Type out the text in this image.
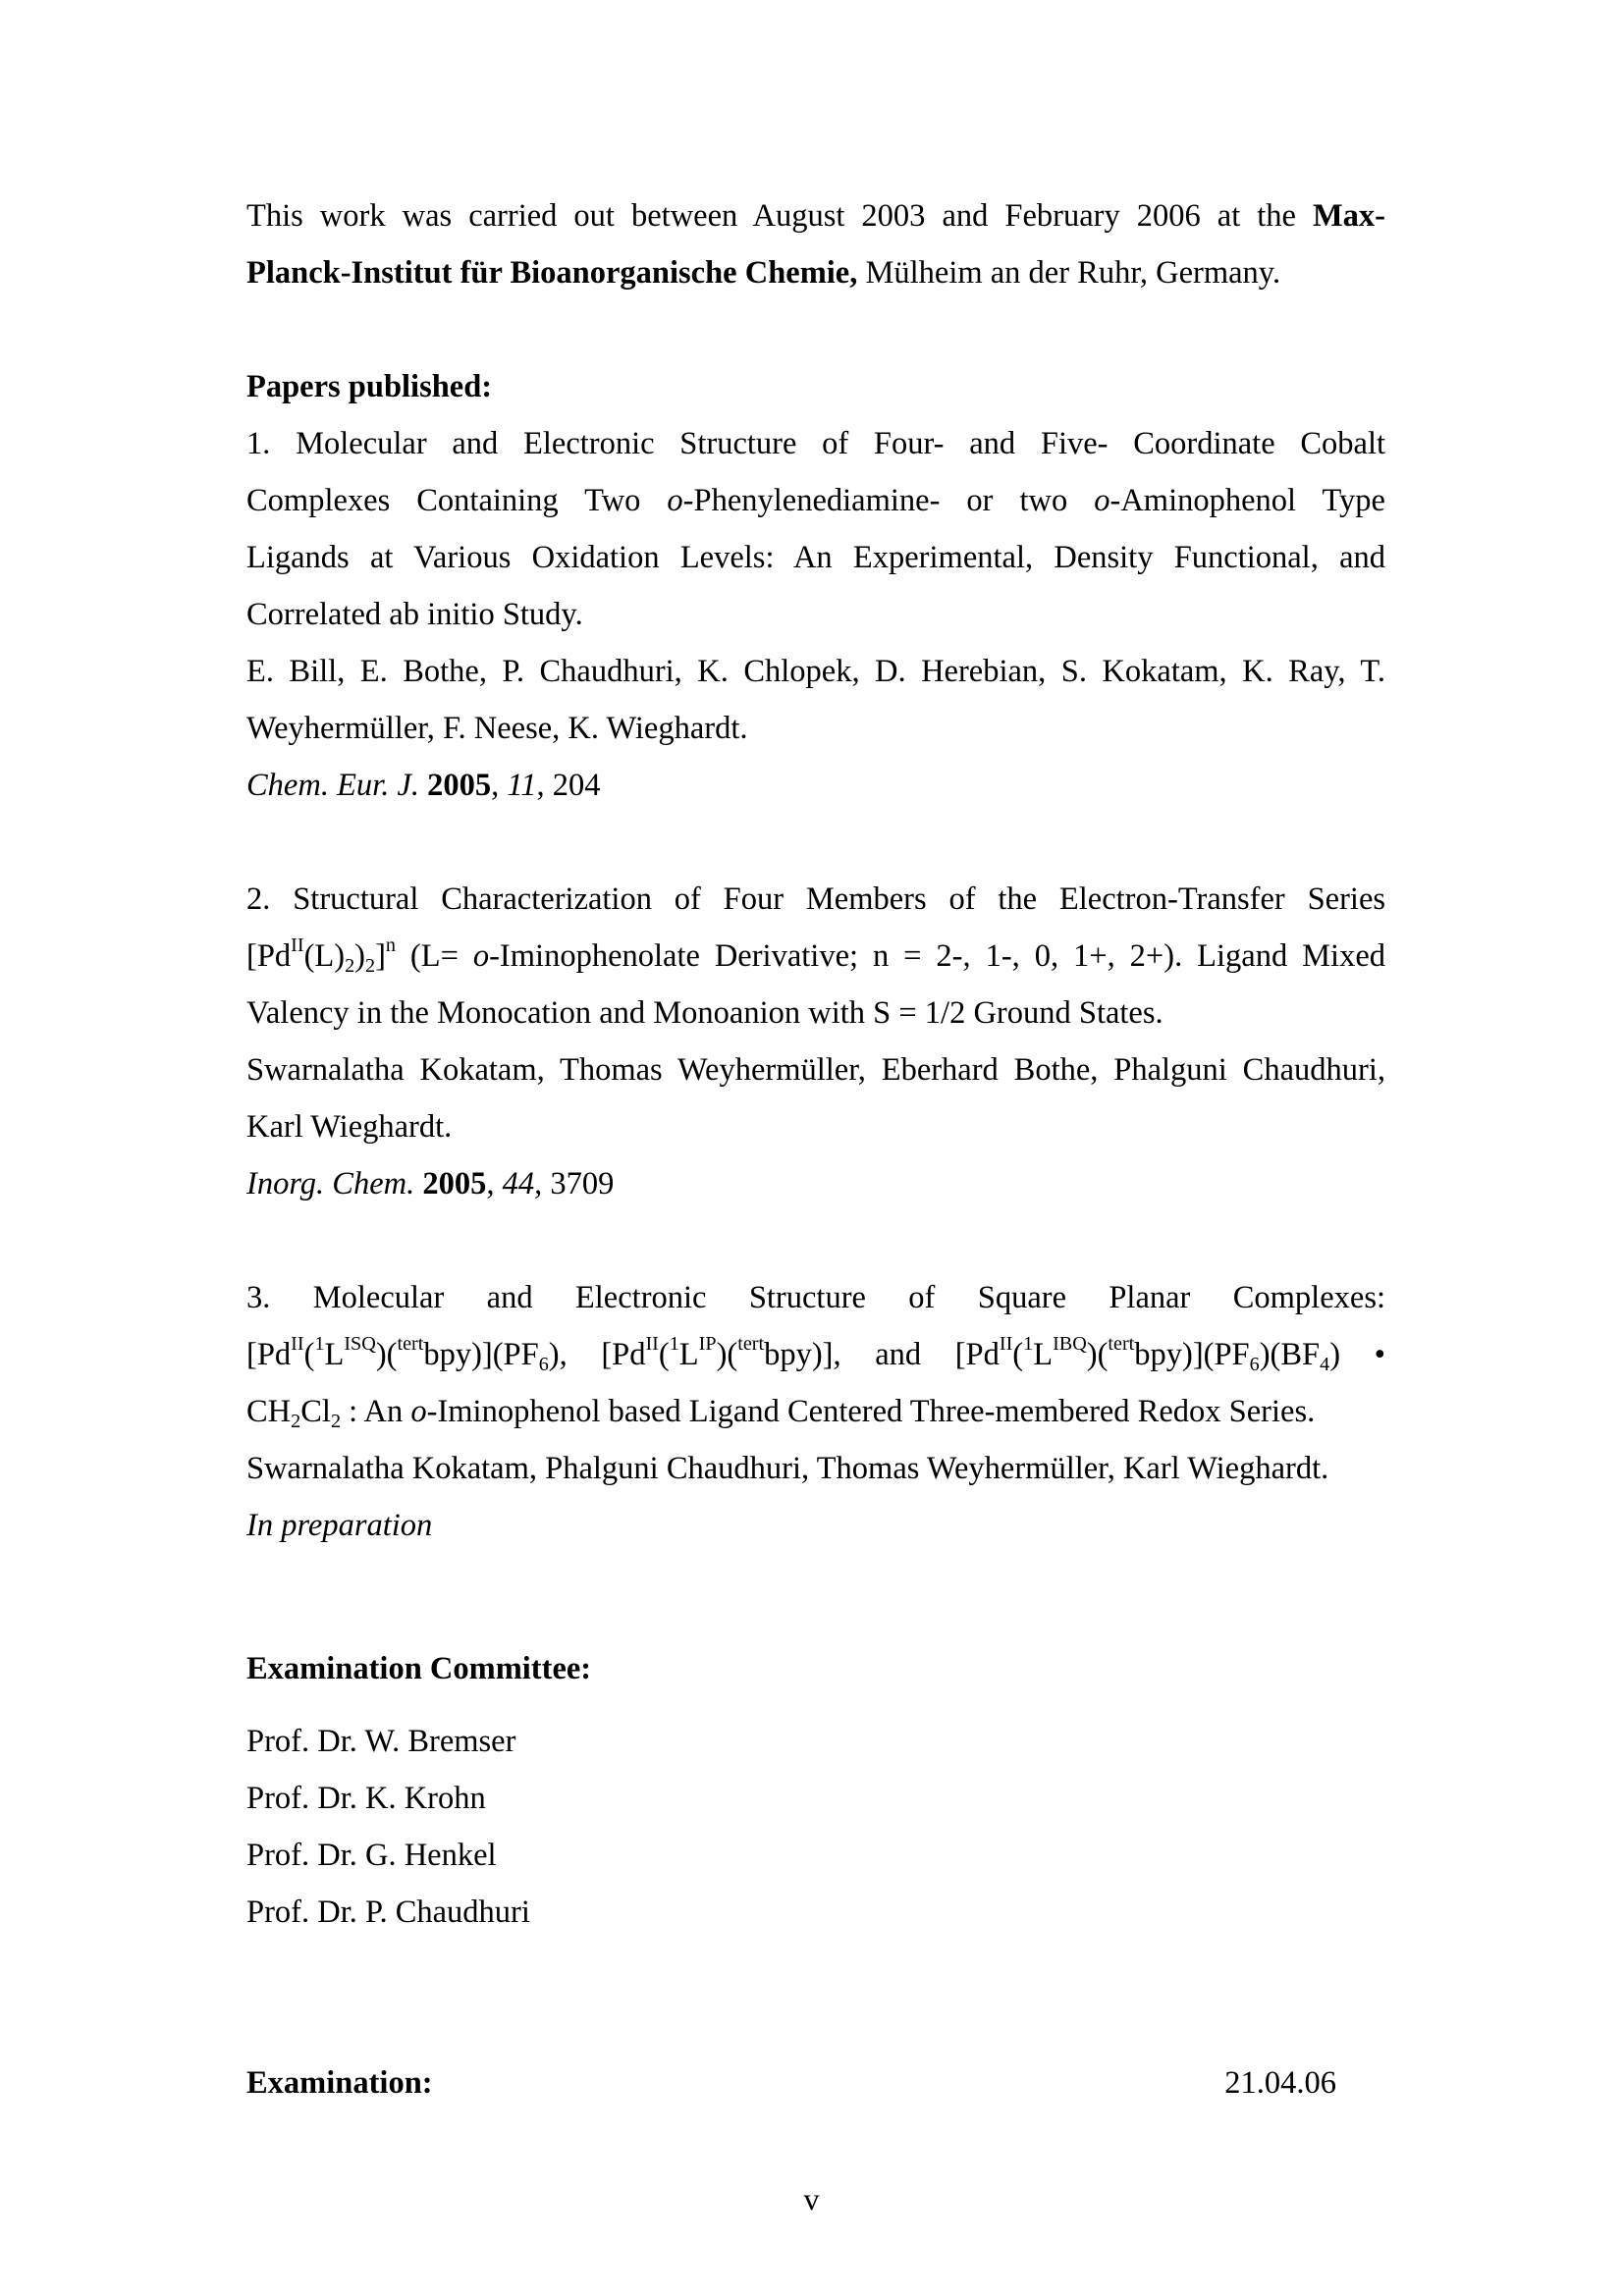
This work was carried out between August 2003 and February 2006 at the Max-

Planck-Institut für Bioanorganische Chemie, Mülheim an der Ruhr, Germany.

Papers published:

1. Molecular and Electronic Structure of Four- and Five- Coordinate Cobalt

Complexes Containing Two o-Phenylenediamine- or two o-Aminophenol Type

Ligands at Various Oxidation Levels: An Experimental, Density Functional, and

Correlated ab initio Study.

E. Bill, E. Bothe, P. Chaudhuri, K. Chlopek, D. Herebian, S. Kokatam, K. Ray, T.

Weyhermüller, F. Neese, K. Wieghardt.

Chem. Eur. J. 2005, 11, 204

2. Structural Characterization of Four Members of the Electron-Transfer Series

$[Pd^{II}(L)_2)_2]^n$ (L= o-Iminophenolate Derivative; n = 2-, 1-, 0, 1+, 2+). Ligand Mixed

Valency in the Monocation and Monoanion with S = 1/2 Ground States.

Swarnalatha Kokatam, Thomas Weyhermüller, Eberhard Bothe, Phalguni Chaudhuri,

Karl Wieghardt.

Inorg. Chem. 2005, 44, 3709

3. Molecular and Electronic Structure of Square Planar Complexes:

$[Pd^{II}(^1L^{ISQ})(^{tert}bpy)](PF_6)$, $[Pd^{II}(^1L^{IP})(^{tert}bpy)]$, and $[Pd^{II}(^1L^{IBQ})(^{tert}bpy)](PF_6)(BF_4)$ •

$CH_2Cl_2$ : An o-Iminophenol based Ligand Centered Three-membered Redox Series.

Swarnalatha Kokatam, Phalguni Chaudhuri, Thomas Weyhermüller, Karl Wieghardt.

In preparation

Examination Committee:

Prof. Dr. W. Bremser

Prof. Dr. K. Krohn

Prof. Dr. G. Henkel

Prof. Dr. P. Chaudhuri

Examination:	21.04.06
v
